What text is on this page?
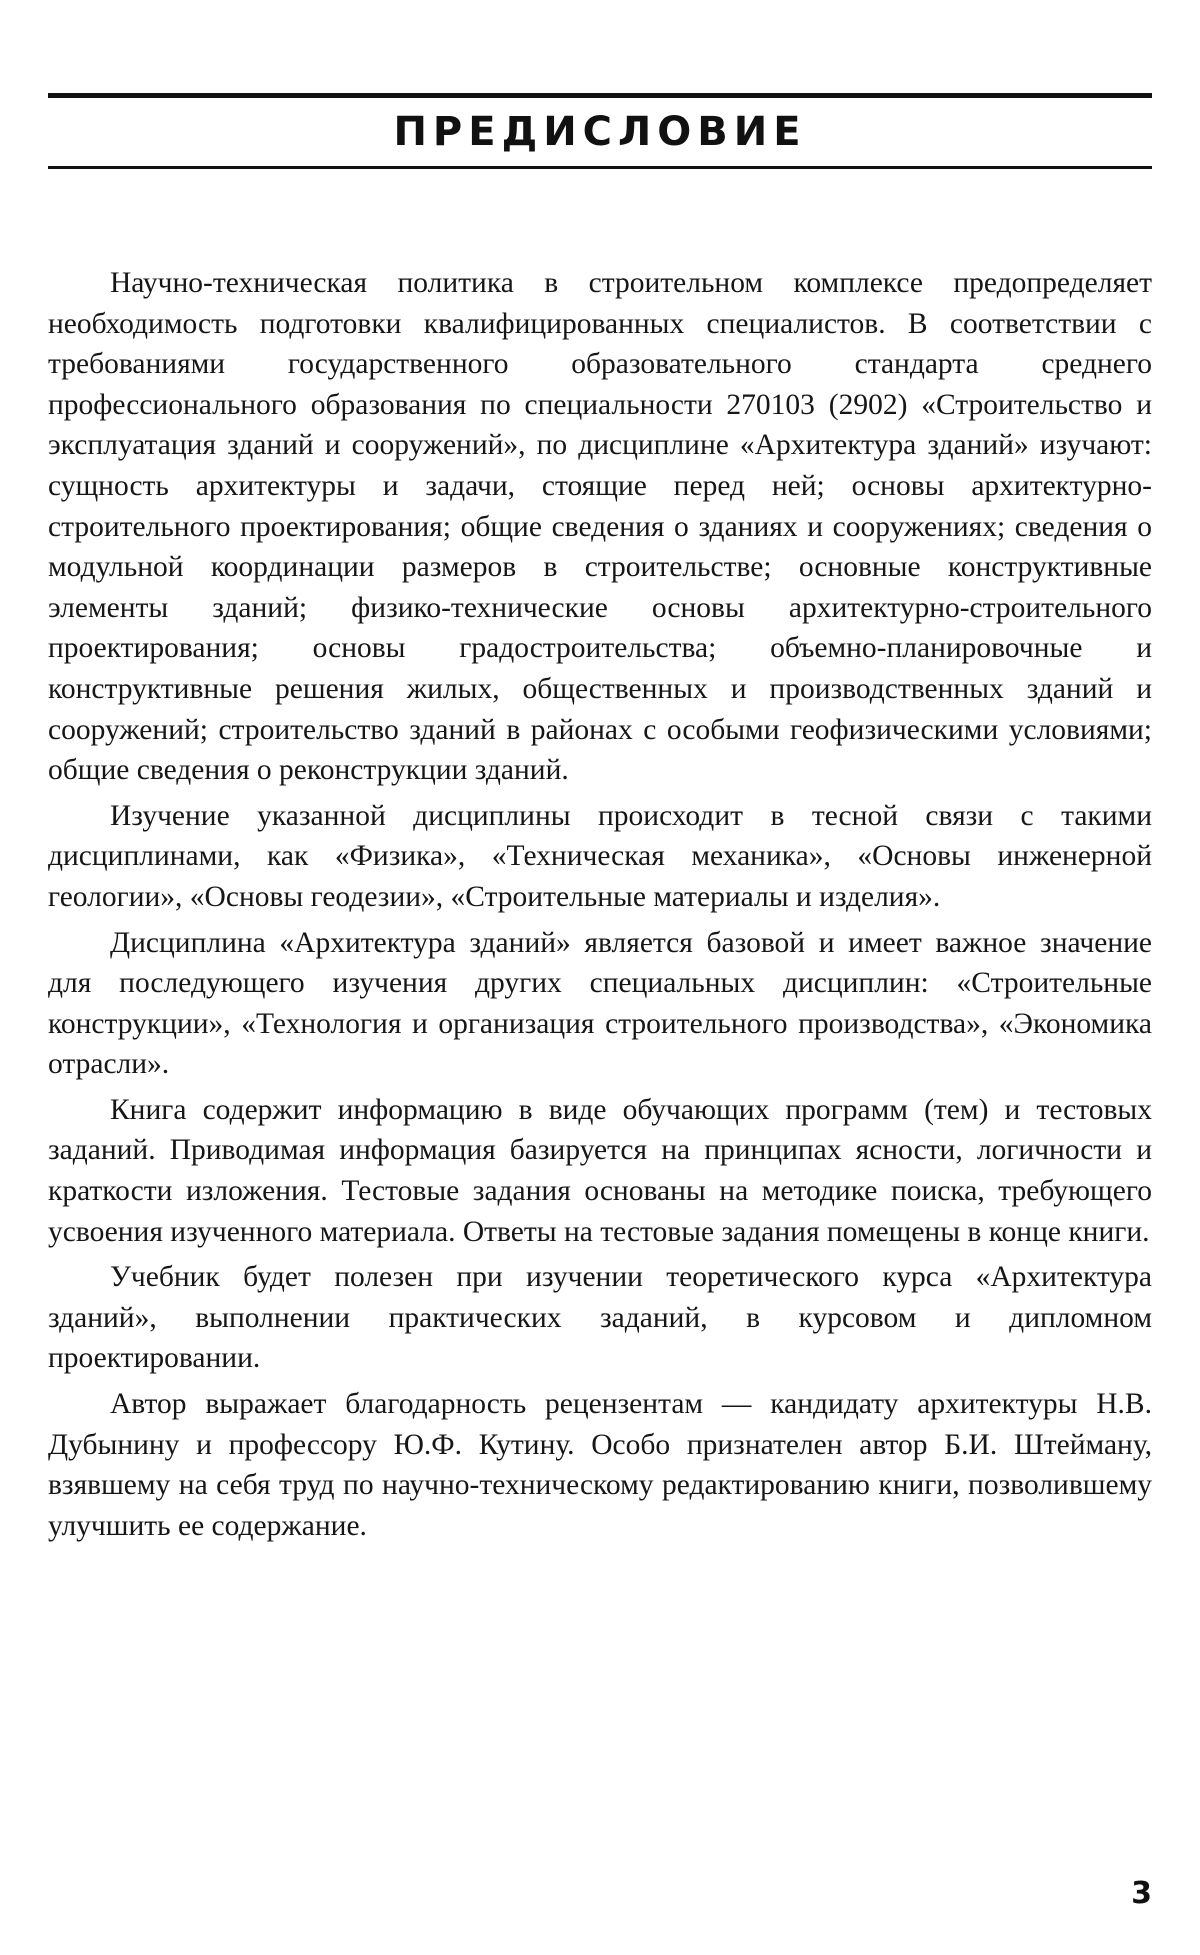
ПРЕДИСЛОВИЕ

Научно-техническая политика в строительном комплексе предопределяет необходимость подготовки квалифицированных специалистов. В соответствии с требованиями государственного образовательного стандарта среднего профессионального образования по специальности 270103 (2902) «Строительство и эксплуатация зданий и сооружений», по дисциплине «Архитектура зданий» изучают: сущность архитектуры и задачи, стоящие перед ней; основы архитектурно-строительного проектирования; общие сведения о зданиях и сооружениях; сведения о модульной координации размеров в строительстве; основные конструктивные элементы зданий; физико-технические основы архитектурно-строительного проектирования; основы градостроительства; объемно-планировочные и конструктивные решения жилых, общественных и производственных зданий и сооружений; строительство зданий в районах с особыми геофизическими условиями; общие сведения о реконструкции зданий.

Изучение указанной дисциплины происходит в тесной связи с такими дисциплинами, как «Физика», «Техническая механика», «Основы инженерной геологии», «Основы геодезии», «Строительные материалы и изделия».

Дисциплина «Архитектура зданий» является базовой и имеет важное значение для последующего изучения других специальных дисциплин: «Строительные конструкции», «Технология и организация строительного производства», «Экономика отрасли».

Книга содержит информацию в виде обучающих программ (тем) и тестовых заданий. Приводимая информация базируется на принципах ясности, логичности и краткости изложения. Тестовые задания основаны на методике поиска, требующего усвоения изученного материала. Ответы на тестовые задания помещены в конце книги.

Учебник будет полезен при изучении теоретического курса «Архитектура зданий», выполнении практических заданий, в курсовом и дипломном проектировании.

Автор выражает благодарность рецензентам — кандидату архитектуры Н.В. Дубынину и профессору Ю.Ф. Кутину. Особо признателен автор Б.И. Штейману, взявшему на себя труд по научно-техническому редактированию книги, позволившему улучшить ее содержание.

3
